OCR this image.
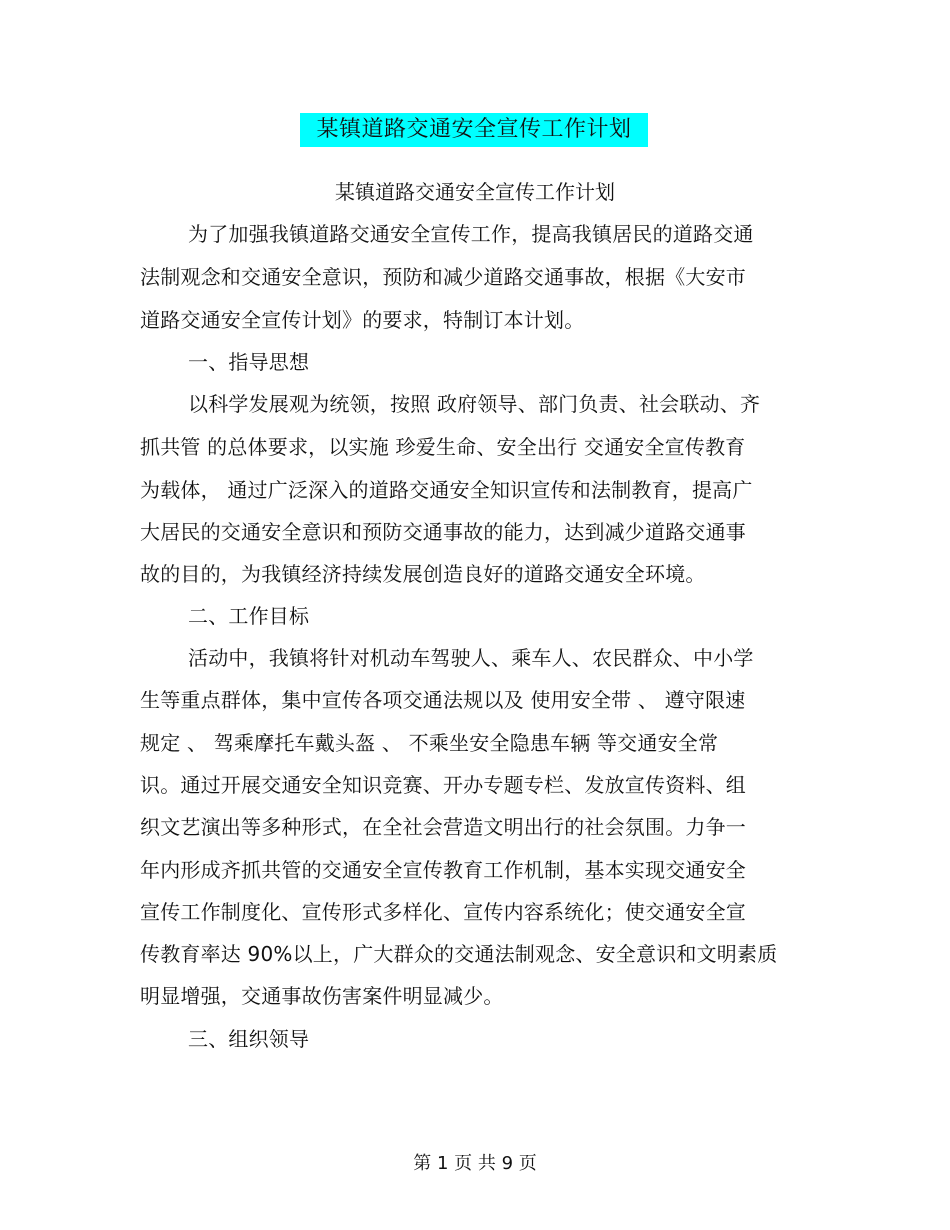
某镇道路交通安全宣传工作计划
某镇道路交通安全宣传工作计划
为了加强我镇道路交通安全宣传工作，提高我镇居民的道路交通
法制观念和交通安全意识，预防和减少道路交通事故，根据《大安市
道路交通安全宣传计划》的要求，特制订本计划。
一、指导思想
以科学发展观为统领，按照 政府领导、部门负责、社会联动、齐
抓共管 的总体要求，以实施 珍爱生命、安全出行 交通安全宣传教育
为载体， 通过广泛深入的道路交通安全知识宣传和法制教育，提高广
大居民的交通安全意识和预防交通事故的能力，达到减少道路交通事
故的目的，为我镇经济持续发展创造良好的道路交通安全环境。
二、工作目标
活动中，我镇将针对机动车驾驶人、乘车人、农民群众、中小学
生等重点群体，集中宣传各项交通法规以及 使用安全带 、 遵守限速
规定 、 驾乘摩托车戴头盔 、 不乘坐安全隐患车辆 等交通安全常
识。通过开展交通安全知识竞赛、开办专题专栏、发放宣传资料、组
织文艺演出等多种形式，在全社会营造文明出行的社会氛围。力争一
年内形成齐抓共管的交通安全宣传教育工作机制，基本实现交通安全
宣传工作制度化、宣传形式多样化、宣传内容系统化；使交通安全宣
传教育率达 90%以上，广大群众的交通法制观念、安全意识和文明素质
明显增强，交通事故伤害案件明显减少。
三、组织领导
第 1 页 共 9 页
